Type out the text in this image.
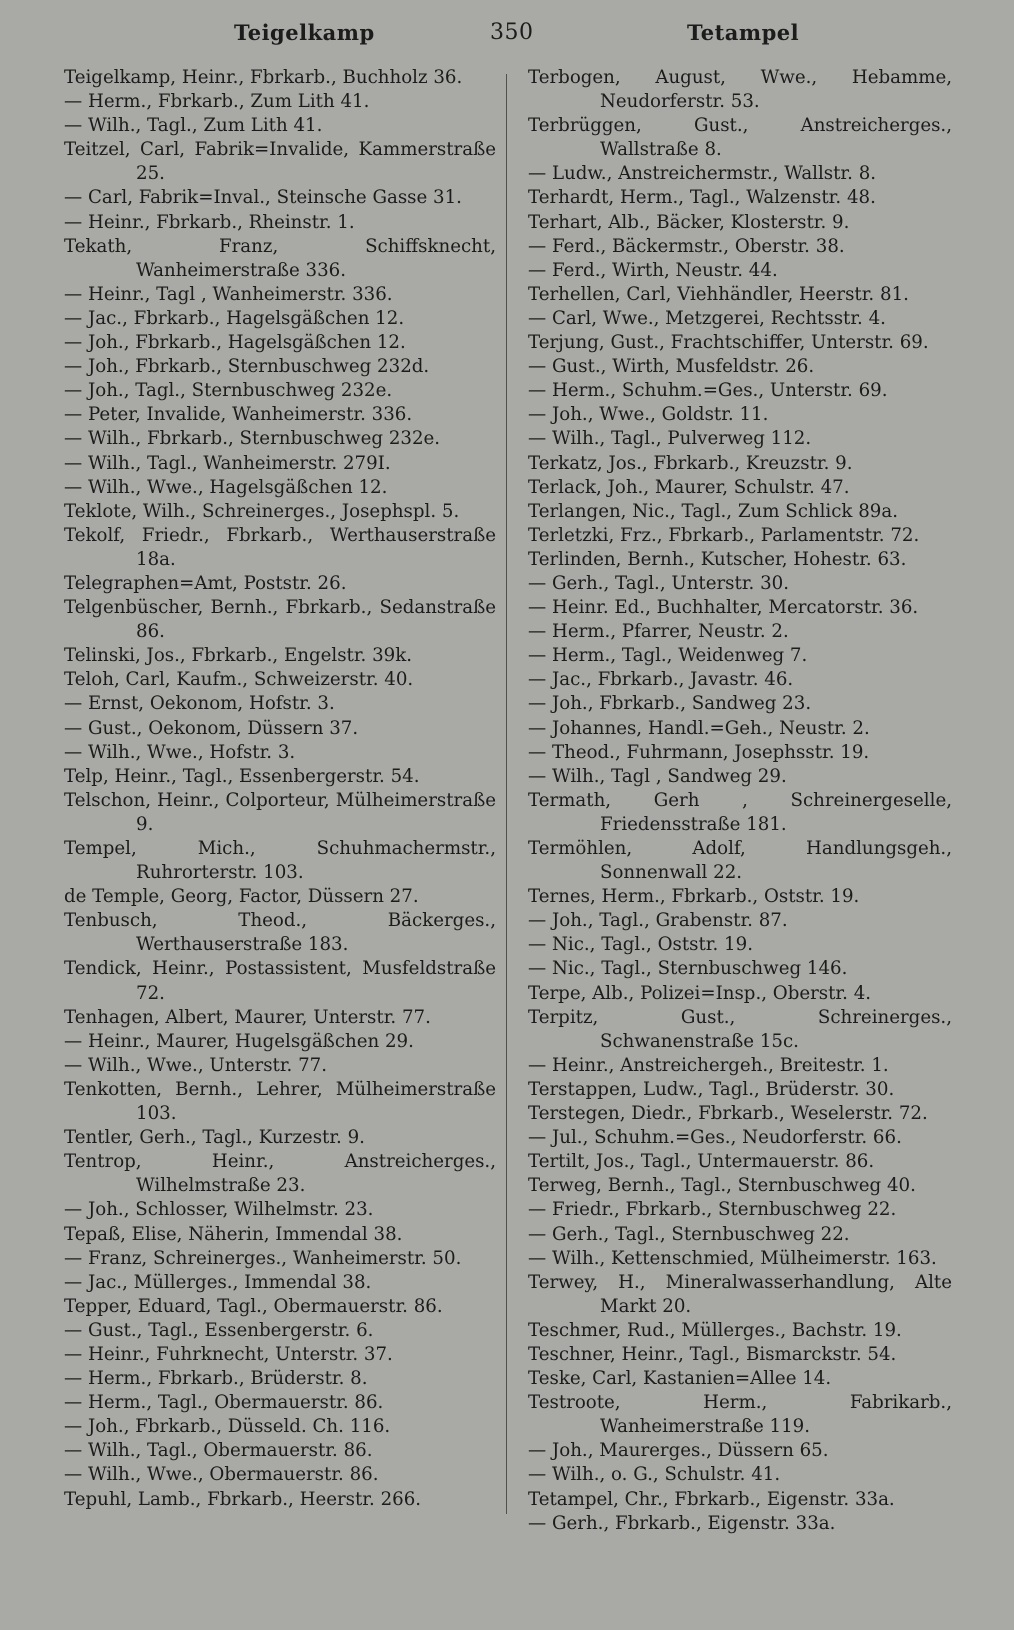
Teigelkamp	350	Tetampel
Teigelkamp, Heinr., Fbrkarb., Buchholz 36.
— Herm., Fbrkarb., Zum Lith 41.
— Wilh., Tagl., Zum Lith 41.
Teitzel, Carl, Fabrik=Invalide, Kammerstraße 25.
— Carl, Fabrik=Inval., Steinsche Gasse 31.
— Heinr., Fbrkarb., Rheinstr. 1.
Tekath, Franz, Schiffsknecht, Wanheimerstraße 336.
— Heinr., Tagl , Wanheimerstr. 336.
— Jac., Fbrkarb., Hagelsgäßchen 12.
— Joh., Fbrkarb., Hagelsgäßchen 12.
— Joh., Fbrkarb., Sternbuschweg 232d.
— Joh., Tagl., Sternbuschweg 232e.
— Peter, Invalide, Wanheimerstr. 336.
— Wilh., Fbrkarb., Sternbuschweg 232e.
— Wilh., Tagl., Wanheimerstr. 279I.
— Wilh., Wwe., Hagelsgäßchen 12.
Teklote, Wilh., Schreinerges., Josephspl. 5.
Tekolf, Friedr., Fbrkarb., Werthauserstraße 18a.
Telegraphen=Amt, Poststr. 26.
Telgenbüscher, Bernh., Fbrkarb., Sedanstraße 86.
Telinski, Jos., Fbrkarb., Engelstr. 39k.
Teloh, Carl, Kaufm., Schweizerstr. 40.
— Ernst, Oekonom, Hofstr. 3.
— Gust., Oekonom, Düssern 37.
— Wilh., Wwe., Hofstr. 3.
Telp, Heinr., Tagl., Essenbergerstr. 54.
Telschon, Heinr., Colporteur, Mülheimerstraße 9.
Tempel, Mich., Schuhmachermstr., Ruhrorterstr. 103.
de Temple, Georg, Factor, Düssern 27.
Tenbusch, Theod., Bäckerges., Werthauserstraße 183.
Tendick, Heinr., Postassistent, Musfeldstraße 72.
Tenhagen, Albert, Maurer, Unterstr. 77.
— Heinr., Maurer, Hugelsgäßchen 29.
— Wilh., Wwe., Unterstr. 77.
Tenkotten, Bernh., Lehrer, Mülheimerstraße 103.
Tentler, Gerh., Tagl., Kurzestr. 9.
Tentrop, Heinr., Anstreicherges., Wilhelmstraße 23.
— Joh., Schlosser, Wilhelmstr. 23.
Tepaß, Elise, Näherin, Immendal 38.
— Franz, Schreinerges., Wanheimerstr. 50.
— Jac., Müllerges., Immendal 38.
Tepper, Eduard, Tagl., Obermauerstr. 86.
— Gust., Tagl., Essenbergerstr. 6.
— Heinr., Fuhrknecht, Unterstr. 37.
— Herm., Fbrkarb., Brüderstr. 8.
— Herm., Tagl., Obermauerstr. 86.
— Joh., Fbrkarb., Düsseld. Ch. 116.
— Wilh., Tagl., Obermauerstr. 86.
— Wilh., Wwe., Obermauerstr. 86.
Tepuhl, Lamb., Fbrkarb., Heerstr. 266.
Terbogen, August, Wwe., Hebamme, Neudorferstr. 53.
Terbrüggen, Gust., Anstreicherges., Wallstraße 8.
— Ludw., Anstreichermstr., Wallstr. 8.
Terhardt, Herm., Tagl., Walzenstr. 48.
Terhart, Alb., Bäcker, Klosterstr. 9.
— Ferd., Bäckermstr., Oberstr. 38.
— Ferd., Wirth, Neustr. 44.
Terhellen, Carl, Viehhändler, Heerstr. 81.
— Carl, Wwe., Metzgerei, Rechtsstr. 4.
Terjung, Gust., Frachtschiffer, Unterstr. 69.
— Gust., Wirth, Musfeldstr. 26.
— Herm., Schuhm.=Ges., Unterstr. 69.
— Joh., Wwe., Goldstr. 11.
— Wilh., Tagl., Pulverweg 112.
Terkatz, Jos., Fbrkarb., Kreuzstr. 9.
Terlack, Joh., Maurer, Schulstr. 47.
Terlangen, Nic., Tagl., Zum Schlick 89a.
Terletzki, Frz., Fbrkarb., Parlamentstr. 72.
Terlinden, Bernh., Kutscher, Hohestr. 63.
— Gerh., Tagl., Unterstr. 30.
— Heinr. Ed., Buchhalter, Mercatorstr. 36.
— Herm., Pfarrer, Neustr. 2.
— Herm., Tagl., Weidenweg 7.
— Jac., Fbrkarb., Javastr. 46.
— Joh., Fbrkarb., Sandweg 23.
— Johannes, Handl.=Geh., Neustr. 2.
— Theod., Fuhrmann, Josephsstr. 19.
— Wilh., Tagl , Sandweg 29.
Termath, Gerh , Schreinergeselle, Friedensstraße 181.
Termöhlen, Adolf, Handlungsgeh., Sonnenwall 22.
Ternes, Herm., Fbrkarb., Oststr. 19.
— Joh., Tagl., Grabenstr. 87.
— Nic., Tagl., Oststr. 19.
— Nic., Tagl., Sternbuschweg 146.
Terpe, Alb., Polizei=Insp., Oberstr. 4.
Terpitz, Gust., Schreinerges., Schwanenstraße 15c.
— Heinr., Anstreichergeh., Breitestr. 1.
Terstappen, Ludw., Tagl., Brüderstr. 30.
Terstegen, Diedr., Fbrkarb., Weselerstr. 72.
— Jul., Schuhm.=Ges., Neudorferstr. 66.
Tertilt, Jos., Tagl., Untermauerstr. 86.
Terweg, Bernh., Tagl., Sternbuschweg 40.
— Friedr., Fbrkarb., Sternbuschweg 22.
— Gerh., Tagl., Sternbuschweg 22.
— Wilh., Kettenschmied, Mülheimerstr. 163.
Terwey, H., Mineralwasserhandlung, Alte Markt 20.
Teschmer, Rud., Müllerges., Bachstr. 19.
Teschner, Heinr., Tagl., Bismarckstr. 54.
Teske, Carl, Kastanien=Allee 14.
Testroote, Herm., Fabrikarb., Wanheimerstraße 119.
— Joh., Maurerges., Düssern 65.
— Wilh., o. G., Schulstr. 41.
Tetampel, Chr., Fbrkarb., Eigenstr. 33a.
— Gerh., Fbrkarb., Eigenstr. 33a.
